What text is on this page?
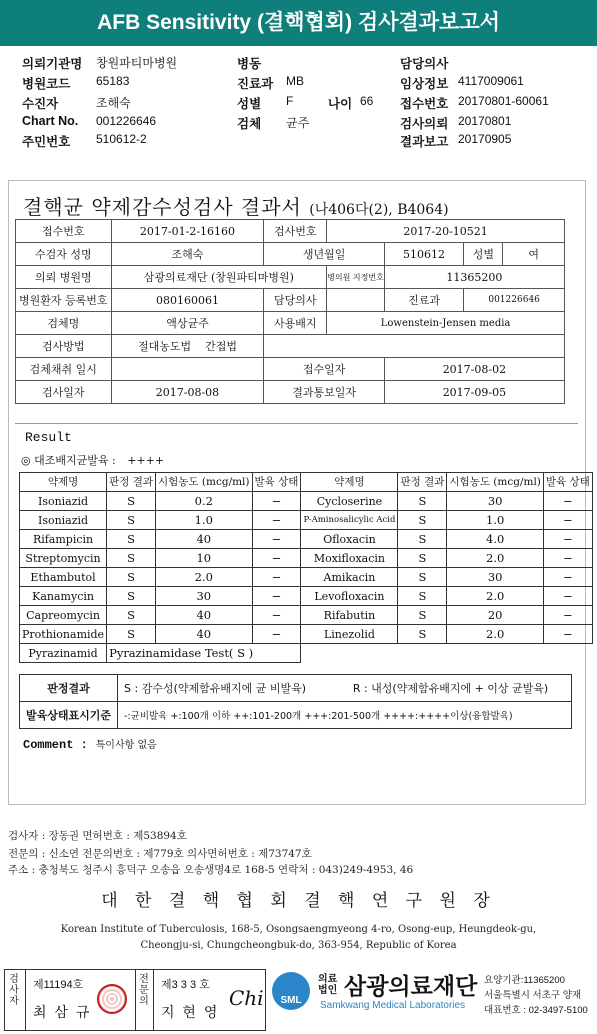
AFB Sensitivity (결핵협회) 검사결과보고서
의뢰기관명 창원파티마병원
병원코드 65183
수진자	조해숙
Chart No. 001226646
주민번호 510612-2
병동
진료과 MB
성별 F	나이 66
검체 균주
담당의사
임상정보 4117009061
접수번호 20170801-60061
검사의뢰 20170801
결과보고 20170905
결핵균 약제감수성검사 결과서 (나406다(2), B4064)
접수번호	2017-01-2-16160	검사번호	2017-20-10521			
수검자 성명	조해숙	생년월일		510612	성별	여
의뢰 병원명	삼광의료재단 (창원파티마병원)		병의원 지정번호	11365200		
병원환자 등록번호	080160061	담당의사		진료과	001226646	
검체명	액상균주	사용배지	Lowenstein-Jensen media			
검사방법	절대농도법 간접법					
검체채취 일시		접수일자		2017-08-02		
검사일자	2017-08-08	결과통보일자		2017-09-05		
Result
◎ 대조배지균발육 : ++++
약제명	판정 결과	시험농도 (mcg/ml)	발육 상태	약제명	판정 결과	시험농도 (mcg/ml)	발육 상태
Isoniazid	S	0.2	−	Cycloserine	S	30	−
Isoniazid	S	1.0	−	P-Aminosalicylic Acid	S	1.0	−
Rifampicin	S	40	−	Ofloxacin	S	4.0	−
Streptomycin	S	10	−	Moxifloxacin	S	2.0	−
Ethambutol	S	2.0	−	Amikacin	S	30	−
Kanamycin	S	30	−	Levofloxacin	S	2.0	−
Capreomycin	S	40	−	Rifabutin	S	20	−
Prothionamide	S	40	−	Linezolid	S	2.0	−
Pyrazinamid	Pyrazinamidase Test( S )						
판정결과	S : 감수성(약제함유배지에 균 비발육)	R : 내성(약제함유배지에 + 이상 균발육)
발육상태표시기준	-:균비발육 +:100개 이하 ++:101-200개 +++:201-500개 ++++:++++이상(융합발육)	
Comment : 특이사항 없음
검사자 : 장동권 면허번호 : 제53894호
전문의 : 신소연 전문의번호 : 제779호 의사면허번호 : 제73747호
주소 : 충청북도 청주시 흥덕구 오송읍 오송생명4로 168-5 연락처 : 043)249-4953, 46
대 한 결 핵 협 회 결 핵 연 구 원 장
Korean Institute of Tuberculosis, 168-5, Osongsaengmyeong 4-ro, Osong-eup, Heungdeok-gu,
Cheongju-si, Chungcheongbuk-do, 363-954, Republic of Korea
검사자
제11194호
최 삼 규
전문의
제3 3 3 호
지 현 영
Chi	SML
의료 법인 삼광의료재단
Samkwang Medical Laboratories
요양기관:11365200
서울특별시 서초구 양재
대표번호 : 02-3497-5100
